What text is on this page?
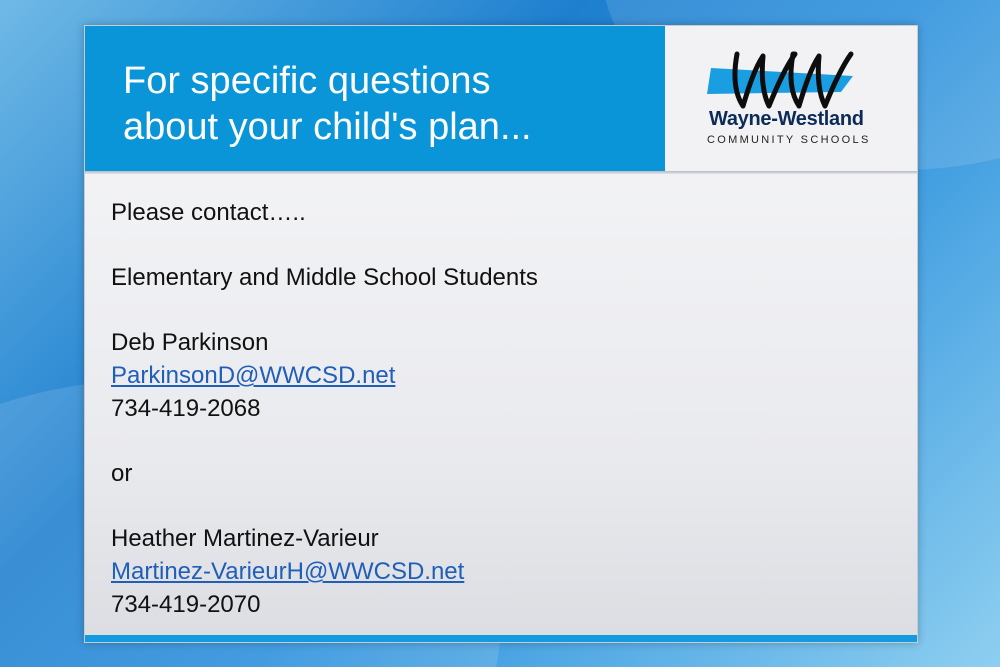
For specific questions
about your child's plan...	Wayne-Westland
COMMUNITY SCHOOLS
Please contact…..
Elementary and Middle School Students
Deb Parkinson
ParkinsonD@WWCSD.net
734-419-2068
or
Heather Martinez-Varieur
Martinez-VarieurH@WWCSD.net
734-419-2070
